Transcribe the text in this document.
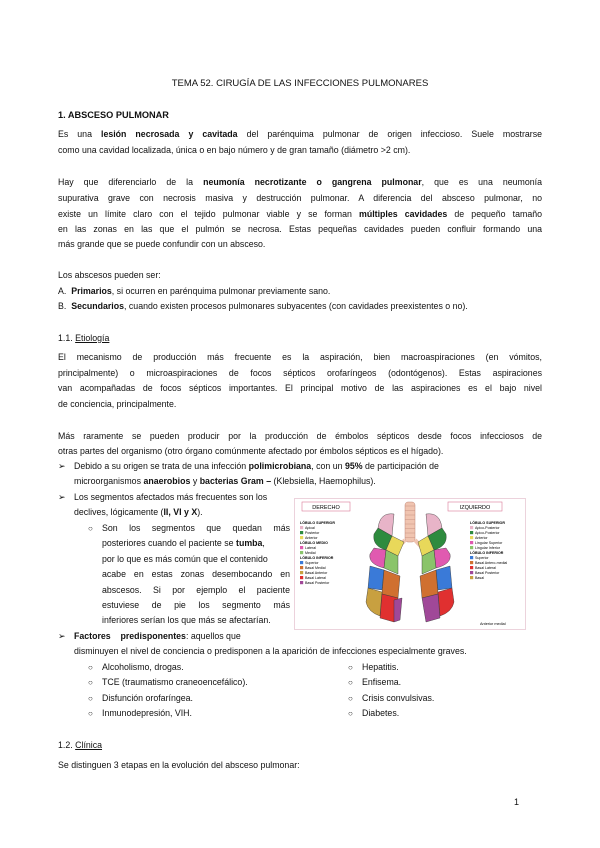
TEMA 52. CIRUGÍA DE LAS INFECCIONES PULMONARES
1. ABSCESO PULMONAR
Es una lesión necrosada y cavitada del parénquima pulmonar de origen infeccioso. Suele mostrarse
como una cavidad localizada, única o en bajo número y de gran tamaño (diámetro >2 cm).
Hay que diferenciarlo de la neumonía necrotizante o gangrena pulmonar, que es una neumonía
supurativa grave con necrosis masiva y destrucción pulmonar. A diferencia del absceso pulmonar, no
existe un límite claro con el tejido pulmonar viable y se forman múltiples cavidades de pequeño tamaño
en las zonas en las que el pulmón se necrosa. Estas pequeñas cavidades pueden confluir formando una
más grande que se puede confundir con un absceso.
Los abscesos pueden ser:
A. Primarios, si ocurren en parénquima pulmonar previamente sano.
B. Secundarios, cuando existen procesos pulmonares subyacentes (con cavidades preexistentes o no).
1.1. Etiología
El mecanismo de producción más frecuente es la aspiración, bien macroaspiraciones (en vómitos,
principalmente) o microaspiraciones de focos sépticos orofaríngeos (odontógenos). Estas aspiraciones
van acompañadas de focos sépticos importantes. El principal motivo de las aspiraciones es el bajo nivel
de conciencia, principalmente.
Más raramente se pueden producir por la producción de émbolos sépticos desde focos infecciosos de
otras partes del organismo (otro órgano comúnmente afectado por émbolos sépticos es el hígado).
➢ Debido a su origen se trata de una infección polimicrobiana, con un 95% de participación de
microorganismos anaerobios y bacterias Gram – (Klebsiella, Haemophilus).
➢ Los segmentos afectados más frecuentes son los
declives, lógicamente (II, VI y X).
○ Son los segmentos que quedan más
posteriores cuando el paciente se tumba,
por lo que es más común que el contenido
acabe en estas zonas desembocando en
abscesos. Si por ejemplo el paciente
estuviese de pie los segmento más
inferiores serían los que más se afectarían.
➢ Factores predisponentes: aquellos que
disminuyen el nivel de conciencia o predisponen a la aparición de infecciones especialmente graves.
○ Alcoholismo, drogas.
○ TCE (traumatismo craneoencefálico).
○ Disfunción orofaríngea.
○ Inmunodepresión, VIH.
○ Hepatitis.
○ Enfisema.
○ Crisis convulsivas.
○ Diabetes.
1.2. Clínica
Se distinguen 3 etapas en la evolución del absceso pulmonar:
DERECHO	IZQUIERDO
LÓBULO SUPERIOR
Apical
Posterior
Anterior
LÓBULO MEDIO
Lateral
Medial
LÓBULO INFERIOR
Superior
Basal Medial
Basal Anterior
Basal Lateral
Basal Posterior
LÓBULO SUPERIOR
Apico-Posterior
Apico-Posterior
Anterior
Lingular Superior
Lingular Inferior
LÓBULO INFERIOR
Superior
Basal Antero-medial
Basal Lateral
Basal Posterior
Basal
Anterior medial
1
